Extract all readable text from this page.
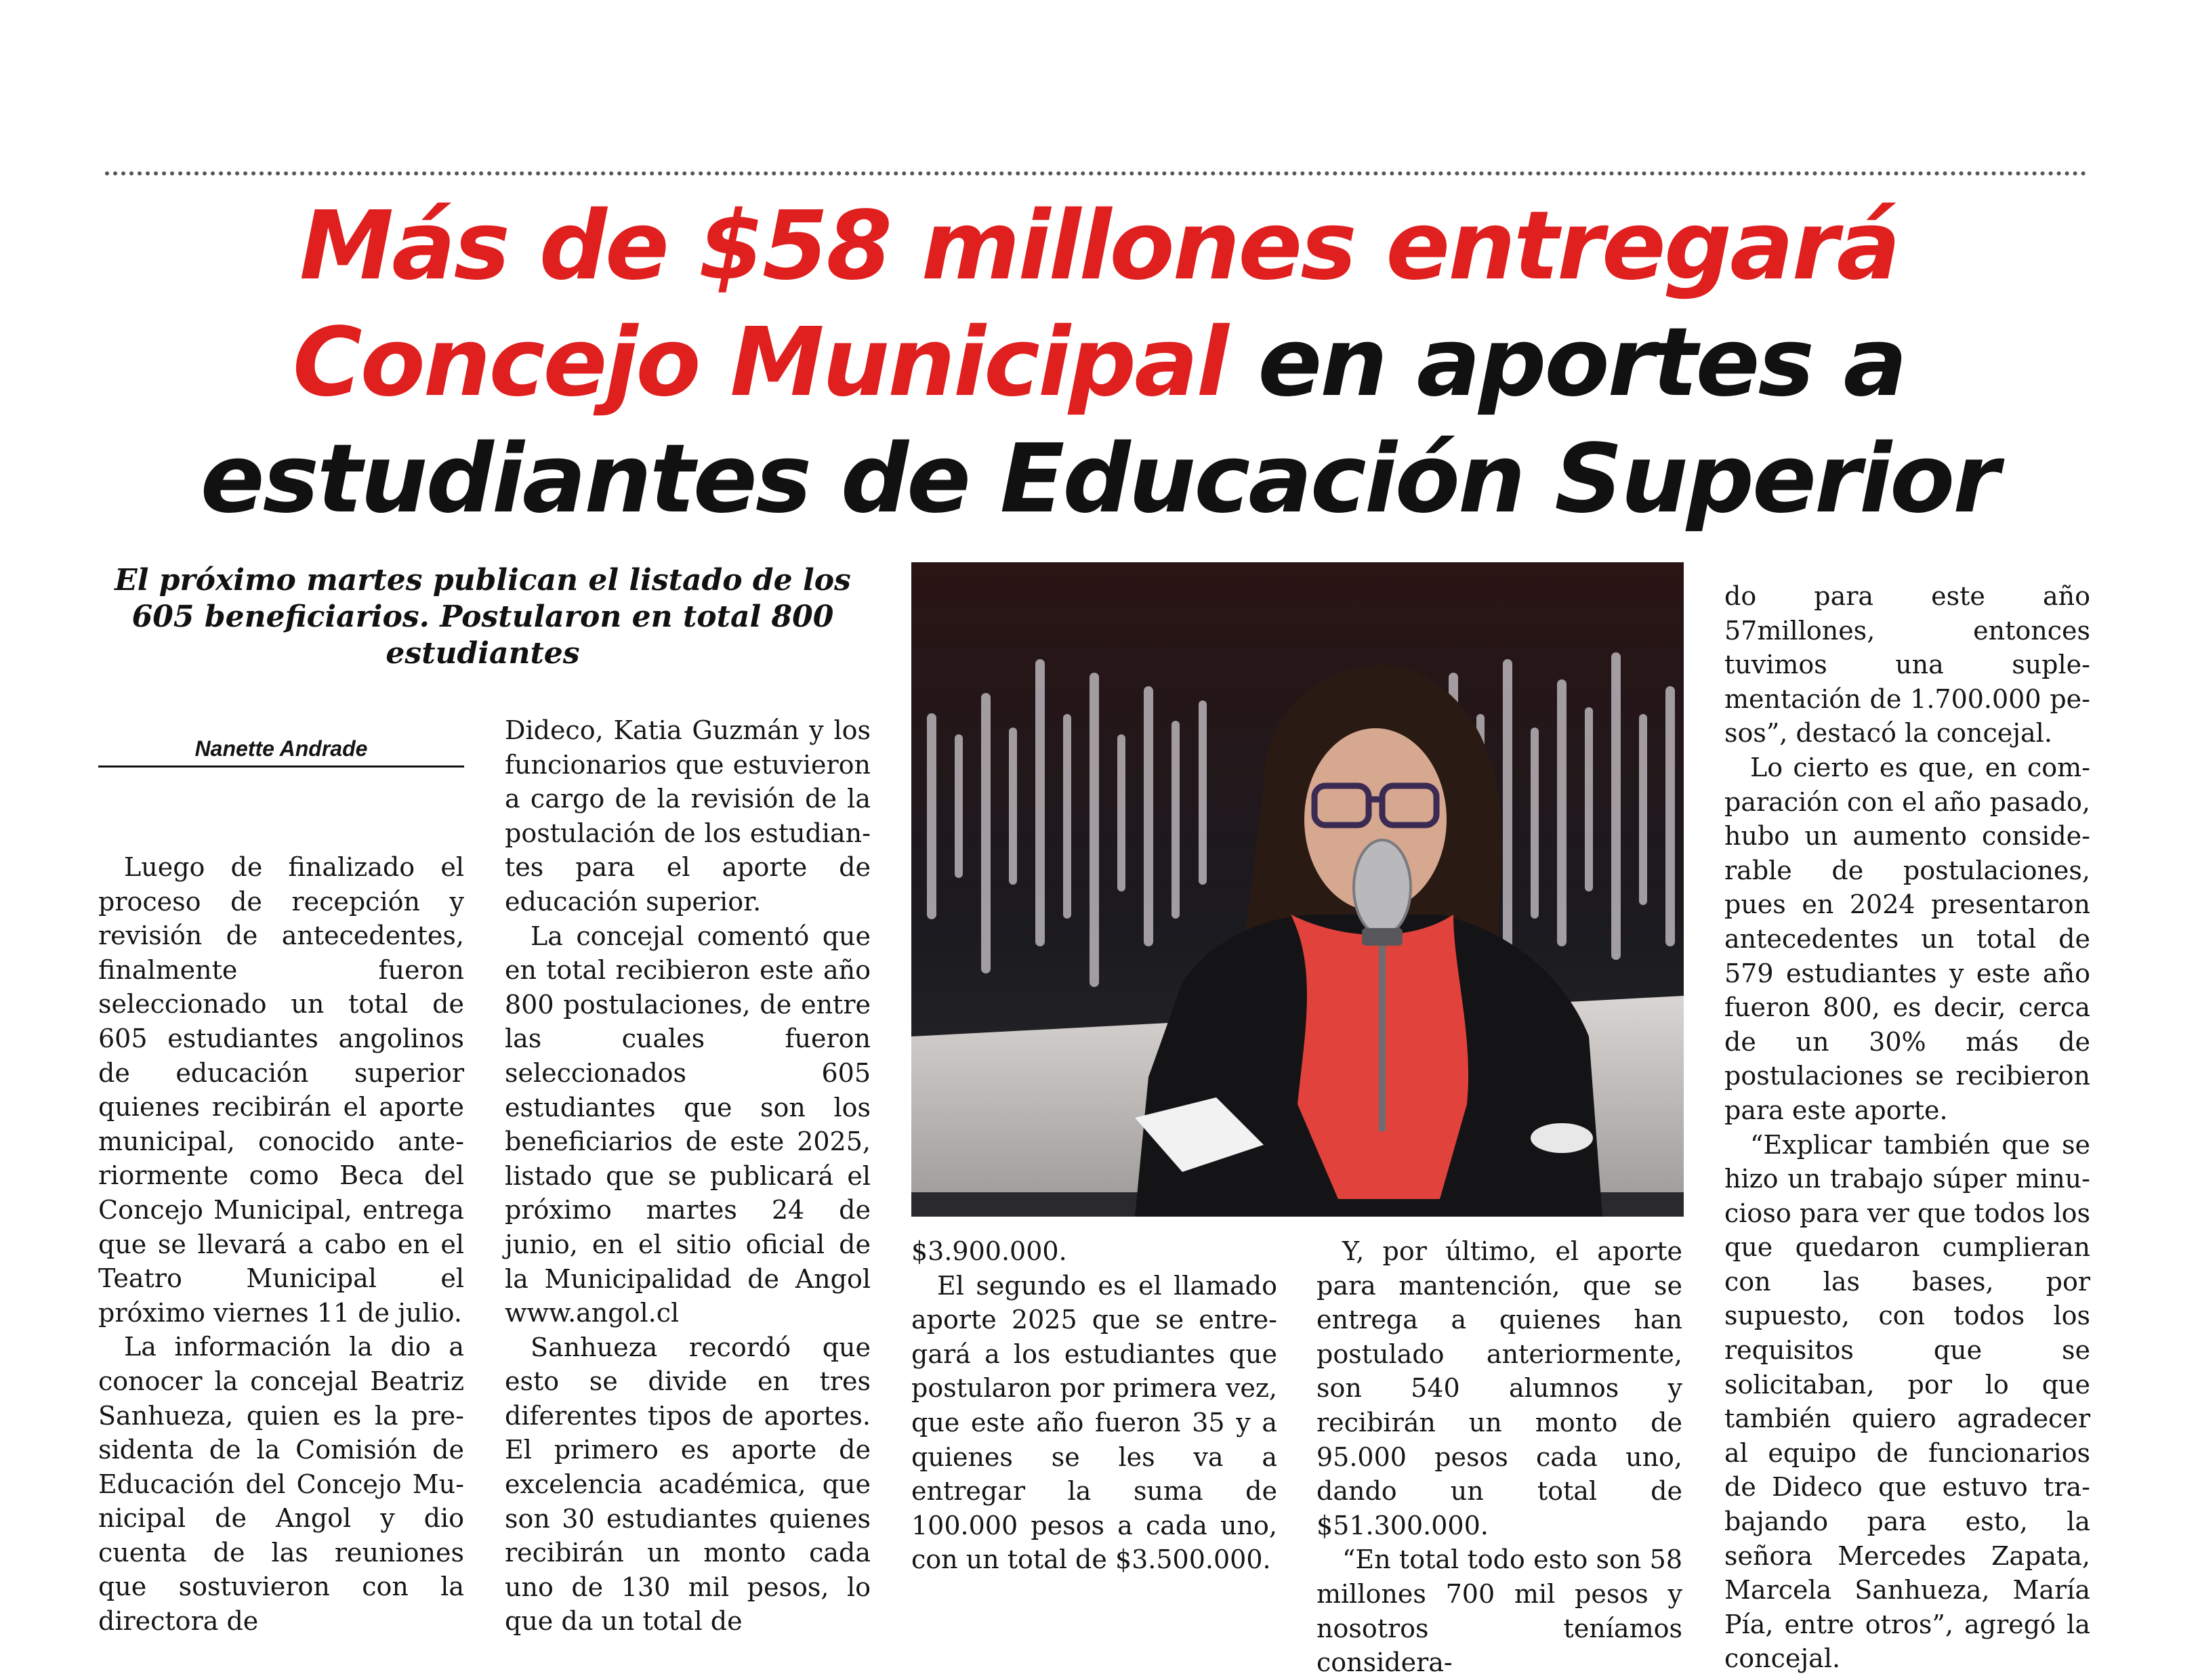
Más de $58 millones entregará Concejo Municipal en aportes a estudiantes de Educación Superior
El próximo martes publican el listado de los 605 beneficiarios. Postularon en total 800 estudiantes
Nanette Andrade

Luego de finalizado el proceso de recepción y revisión de antecedentes, finalmente fueron seleccionado un total de 605 estudiantes angolinos de educación superior quienes recibirán el aporte municipal, conocido anteriormente como Beca del Concejo Municipal, entrega que se llevará a cabo en el Teatro Municipal el próximo viernes 11 de julio.

La información la dio a conocer la concejal Beatriz Sanhueza, quien es la presidenta de la Comisión de Educación del Concejo Municipal de Angol y dio cuenta de las reuniones que sostuvieron con la directora de

Dideco, Katia Guzmán y los funcionarios que estuvieron a cargo de la revisión de la postulación de los estudiantes para el aporte de educación superior.

La concejal comentó que en total recibieron este año 800 postulaciones, de entre las cuales fueron seleccionados 605 estudiantes que son los beneficiarios de este 2025, listado que se publicará el próximo martes 24 de junio, en el sitio oficial de la Municipalidad de Angol www.angol.cl

Sanhueza recordó que esto se divide en tres diferentes tipos de aportes. El primero es aporte de excelencia académica, que son 30 estudiantes quienes recibirán un monto cada uno de 130 mil pesos, lo que da un total de

$3.900.000.

El segundo es el llamado aporte 2025 que se entregará a los estudiantes que postularon por primera vez, que este año fueron 35 y a quienes se les va a entregar la suma de 100.000 pesos a cada uno, con un total de $3.500.000.

Y, por último, el aporte para mantención, que se entrega a quienes han postulado anteriormente, son 540 alumnos y recibirán un monto de 95.000 pesos cada uno, dando un total de $51.300.000.

“En total todo esto son 58 millones 700 mil pesos y nosotros teníamos considera-

do para este año 57millones, entonces tuvimos una suplementación de 1.700.000 pesos”, destacó la concejal.

Lo cierto es que, en comparación con el año pasado, hubo un aumento considerable de postulaciones, pues en 2024 presentaron antecedentes un total de 579 estudiantes y este año fueron 800, es decir, cerca de un 30% más de postulaciones se recibieron para este aporte.

“Explicar también que se hizo un trabajo súper minucioso para ver que todos los que quedaron cumplieran con las bases, por supuesto, con todos los requisitos que se solicitaban, por lo que también quiero agradecer al equipo de funcionarios de Dideco que estuvo trabajando para esto, la señora Mercedes Zapata, Marcela Sanhueza, María Pía, entre otros”, agregó la concejal.
